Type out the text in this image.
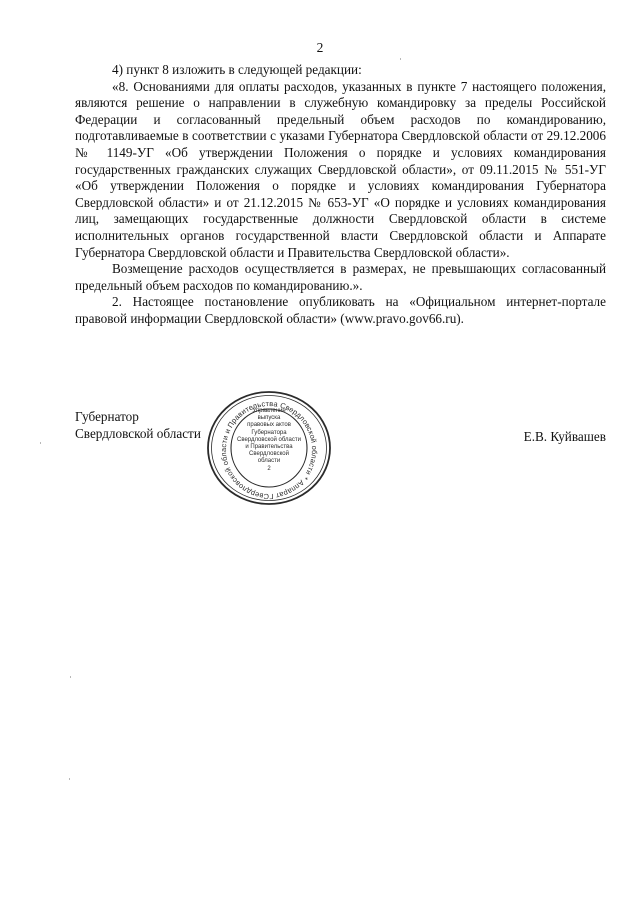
2

4) пункт 8 изложить в следующей редакции:

«8. Основаниями для оплаты расходов, указанных в пункте 7 настоящего положения, являются решение о направлении в служебную командировку за пределы Российской Федерации и согласованный предельный объем расходов по командированию, подготавливаемые в соответствии с указами Губернатора Свердловской области от 29.12.2006 № 1149-УГ «Об утверждении Положения о порядке и условиях командирования государственных гражданских служащих Свердловской области», от 09.11.2015 № 551-УГ «Об утверждении Положения о порядке и условиях командирования Губернатора Свердловской области» и от 21.12.2015 № 653-УГ «О порядке и условиях командирования лиц, замещающих государственные должности Свердловской области в системе исполнительных органов государственной власти Свердловской области и Аппарате Губернатора Свердловской области и Правительства Свердловской области».

Возмещение расходов осуществляется в размерах, не превышающих согласованный предельный объем расходов по командированию.».

2. Настоящее постановление опубликовать на «Официальном интернет-портале правовой информации Свердловской области» (www.pravo.gov66.ru).

Губернатор
Свердловской области	Е.В. Куйвашев
Свердловской области и Правительства Свердловской области * Аппарат Г
Управление
выпуска
правовых актов
Губернатора
Свердловской области
и Правительства
Свердловской
области
2
